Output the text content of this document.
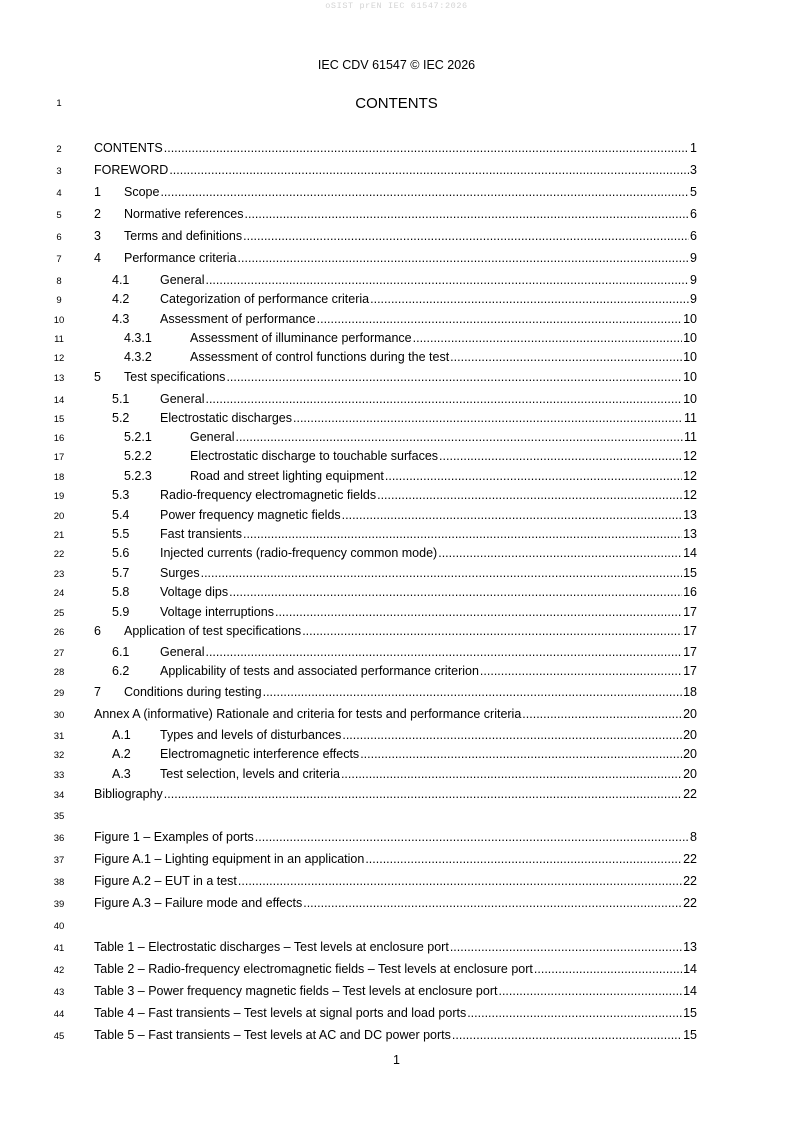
oSIST prEN IEC 61547:2026
IEC CDV 61547 © IEC 2026
1	CONTENTS
2	CONTENTS .....	1
3	FOREWORD .....	3
4	1	Scope .....	5
5	2	Normative references .....	6
6	3	Terms and definitions .....	6
7	4	Performance criteria .....	9
8	4.1	General .....	9
9	4.2	Categorization of performance criteria .....	9
10	4.3	Assessment of performance .....	10
11	4.3.1	Assessment of illuminance performance .....	10
12	4.3.2	Assessment of control functions during the test .....	10
13	5	Test specifications .....	10
14	5.1	General .....	10
15	5.2	Electrostatic discharges .....	11
16	5.2.1	General .....	11
17	5.2.2	Electrostatic discharge to touchable surfaces .....	12
18	5.2.3	Road and street lighting equipment .....	12
19	5.3	Radio-frequency electromagnetic fields .....	12
20	5.4	Power frequency magnetic fields .....	13
21	5.5	Fast transients .....	13
22	5.6	Injected currents (radio-frequency common mode) .....	14
23	5.7	Surges .....	15
24	5.8	Voltage dips .....	16
25	5.9	Voltage interruptions .....	17
26	6	Application of test specifications .....	17
27	6.1	General .....	17
28	6.2	Applicability of tests and associated performance criterion .....	17
29	7	Conditions during testing .....	18
30	Annex A (informative) Rationale and criteria for tests and performance criteria .....	20
31	A.1	Types and levels of disturbances .....	20
32	A.2	Electromagnetic interference effects .....	20
33	A.3	Test selection, levels and criteria .....	20
34	Bibliography .....	22
35
36	Figure 1 – Examples of ports .....	8
37	Figure A.1 – Lighting equipment in an application .....	22
38	Figure A.2 – EUT in a test .....	22
39	Figure A.3 – Failure mode and effects .....	22
40
41	Table 1 – Electrostatic discharges – Test levels at enclosure port .....	13
42	Table 2 – Radio-frequency electromagnetic fields – Test levels at enclosure port .....	14
43	Table 3 – Power frequency magnetic fields – Test levels at enclosure port .....	14
44	Table 4 – Fast transients – Test levels at signal ports and load ports .....	15
45	Table 5 – Fast transients – Test levels at AC and DC power ports .....	15
1
